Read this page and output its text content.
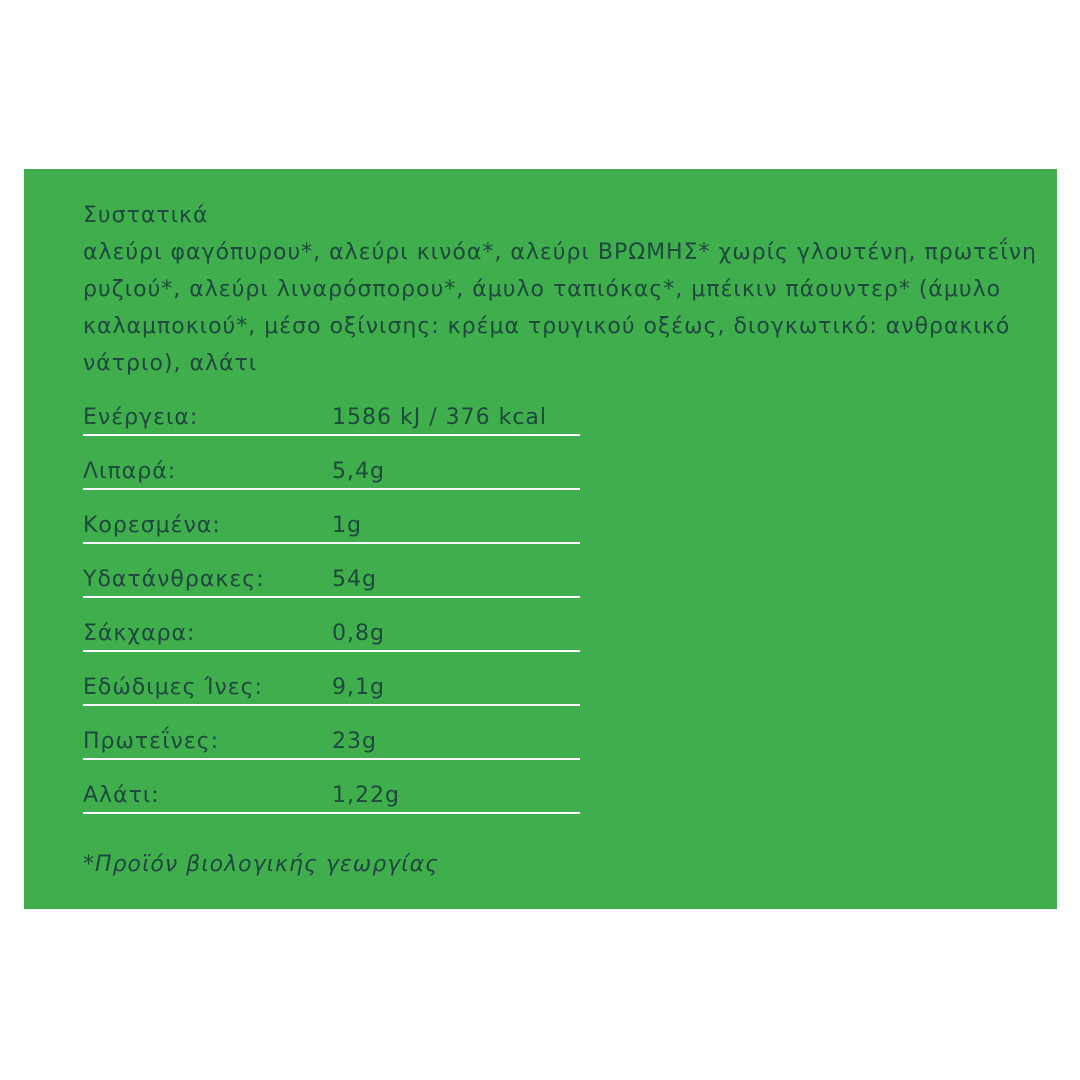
Συστατικά

αλεύρι φαγόπυρου*, αλεύρι κινόα*, αλεύρι ΒΡΩΜΗΣ* χωρίς γλουτένη, πρωτεΐνη ρυζιού*, αλεύρι λιναρόσπορου*, άμυλο ταπιόκας*, μπέικιν πάουντερ* (άμυλο καλαμποκιού*, μέσο οξίνισης: κρέμα τρυγικού οξέως, διογκωτικό: ανθρακικό νάτριο), αλάτι

Ενέργεια:	1586 kJ / 376 kcal
Λιπαρά:	5,4g
Κορεσμένα:	1g
Υδατάνθρακες:	54g
Σάκχαρα:	0,8g
Εδώδιμες Ίνες:	9,1g
Πρωτεΐνες:	23g
Αλάτι:	1,22g
*Προϊόν βιολογικής γεωργίας
